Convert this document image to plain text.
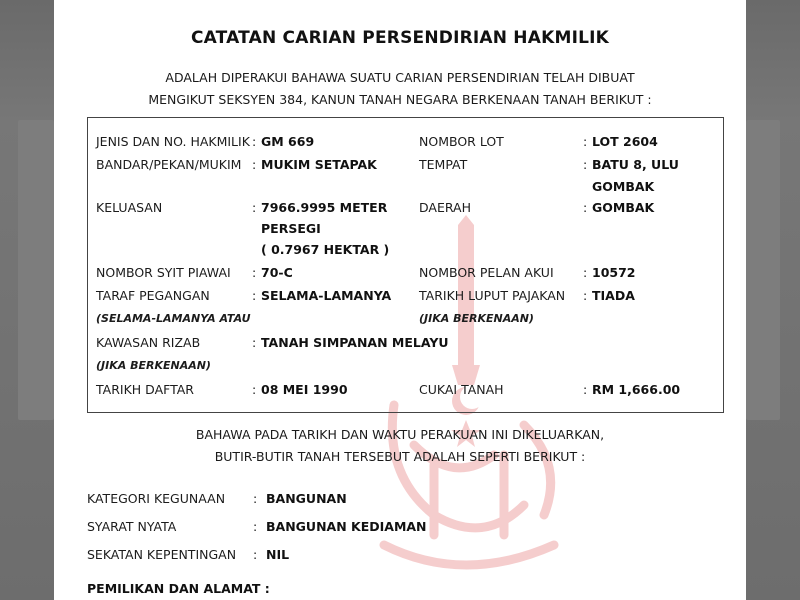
CATATAN CARIAN PERSENDIRIAN HAKMILIK
ADALAH DIPERAKUI BAHAWA SUATU CARIAN PERSENDIRIAN TELAH DIBUAT
MENGIKUT SEKSYEN 384, KANUN TANAH NEGARA BERKENAAN TANAH BERIKUT :
JENIS DAN NO. HAKMILIK : GM 669	NOMBOR LOT	: LOT 2604
BANDAR/PEKAN/MUKIM : MUKIM SETAPAK	TEMPAT	: BATU 8, ULU
GOMBAK
KELUASAN	: 7966.9995 METER
PERSEGI
( 0.7967 HEKTAR )
DAERAH	: GOMBAK
NOMBOR SYIT PIAWAI : 70-C	NOMBOR PELAN AKUI : 10572
TARAF PEGANGAN	: SELAMA-LAMANYA TARIKH LUPUT PAJAKAN : TIADA
(SELAMA-LAMANYA ATAU	(JIKA BERKENAAN)
KAWASAN RIZAB	: TANAH SIMPANAN MELAYU
(JIKA BERKENAAN)
TARIKH DAFTAR	: 08 MEI 1990	CUKAI TANAH	: RM 1,666.00
BAHAWA PADA TARIKH DAN WAKTU PERAKUAN INI DIKELUARKAN,
BUTIR-BUTIR TANAH TERSEBUT ADALAH SEPERTI BERIKUT :
KATEGORI KEGUNAAN : BANGUNAN
SYARAT NYATA	: BANGUNAN KEDIAMAN
SEKATAN KEPENTINGAN : NIL
PEMILIKAN DAN ALAMAT :
